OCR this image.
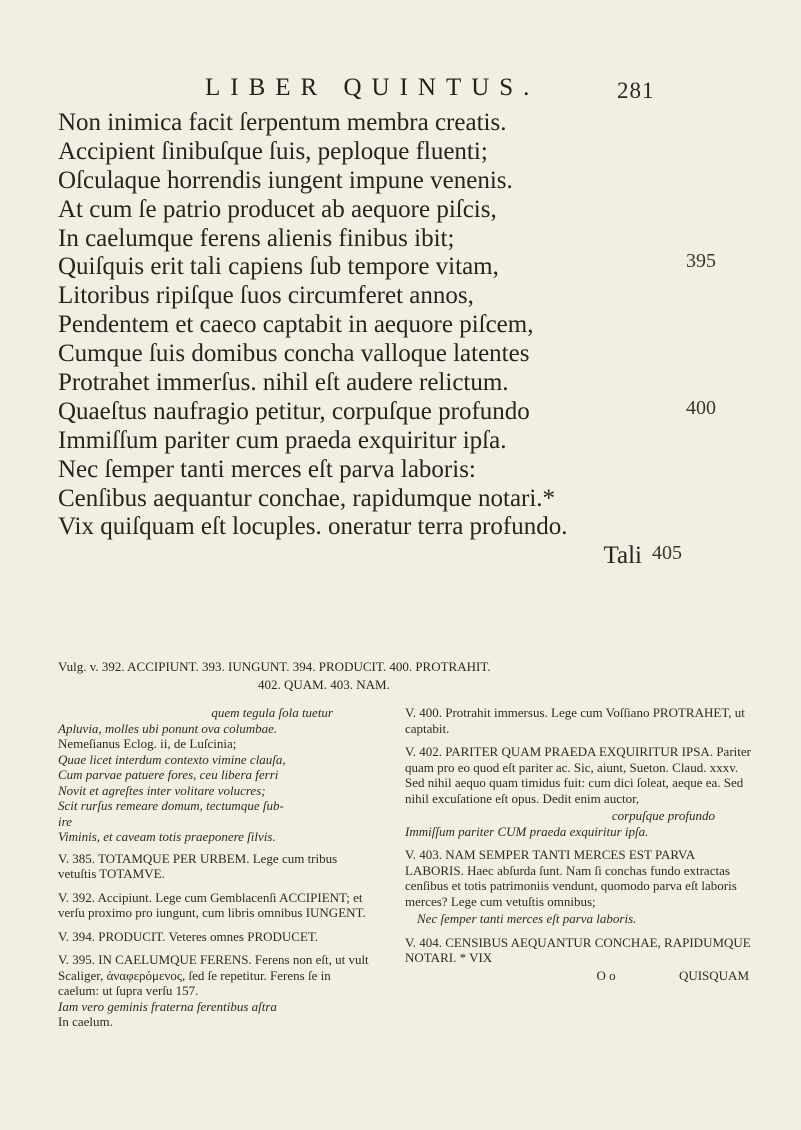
LIBER QUINTUS.	281
Non inimica facit ſerpentum membra creatis.
Accipient ſinibuſque ſuis, peploque fluenti;
Oſculaque horrendis iungent impune venenis.
At cum ſe patrio producet ab aequore piſcis,
In caelumque ferens alienis finibus ibit;
Quiſquis erit tali capiens ſub tempore vitam,
Litoribus ripiſque ſuos circumferet annos,
Pendentem et caeco captabit in aequore piſcem,
Cumque ſuis domibus concha valloque latentes
Protrahet immerſus. nihil eſt audere relictum.
Quaeſtus naufragio petitur, corpuſque profundo
Immiſſum pariter cum praeda exquiritur ipſa.
Nec ſemper tanti merces eſt parva laboris:
Cenſibus aequantur conchae, rapidumque notari.*
Vix quiſquam eſt locuples. oneratur terra profundo.
Tali
395
400
405
Vulg. v. 392. ACCIPIUNT. 393. IUNGUNT. 394. PRODUCIT. 400. PROTRAHIT.
402. QUAM. 403. NAM.

quem tegula ſola tuetur

Apluvia, molles ubi ponunt ova columbae.

Nemeſianus Eclog. ii, de Luſcinia;

Quae licet interdum contexto vimine clauſa,

Cum parvae patuere fores, ceu libera ferri

Novit et agreſtes inter volitare volucres;

Scit rurſus remeare domum, tectumque ſub-

ire

Viminis, et caveam totis praeponere ſilvis.

V. 385. TOTAMQUE PER URBEM. Lege cum tribus vetuſtis TOTAMVE.

V. 392. Accipiunt. Lege cum Gemblacenſi ACCIPIENT; et verſu proximo pro iungunt, cum libris omnibus IUNGENT.

V. 394. PRODUCIT. Veteres omnes PRODUCET.

V. 395. IN CAELUMQUE FERENS. Ferens non eſt, ut vult Scaliger, ἀναφερόμενος, ſed ſe repetitur. Ferens ſe in caelum: ut ſupra verſu 157.

Iam vero geminis fraterna ferentibus aſtra

In caelum.

V. 400. Protrahit immersus. Lege cum Voſſiano PROTRAHET, ut captabit.

V. 402. PARITER QUAM PRAEDA EXQUIRITUR IPSA. Pariter quam pro eo quod eſt pariter ac. Sic, aiunt, Sueton. Claud. xxxv. Sed nihil aequo quam timidus fuit: cum dici ſoleat, aeque ea. Sed nihil excuſatione eſt opus. Dedit enim auctor,

corpuſque profundo

Immiſſum pariter CUM praeda exquiritur ipſa.

V. 403. NAM SEMPER TANTI MERCES EST PARVA LABORIS. Haec abſurda ſunt. Nam ſi conchas fundo extractas cenſibus et totis patrimoniis vendunt, quomodo parva eſt laboris merces? Lege cum vetuſtis omnibus;

Nec ſemper tanti merces eſt parva laboris.

V. 404. CENSIBUS AEQUANTUR CONCHAE, RAPIDUMQUE NOTARI. * VIX

O o	QUISQUAM
